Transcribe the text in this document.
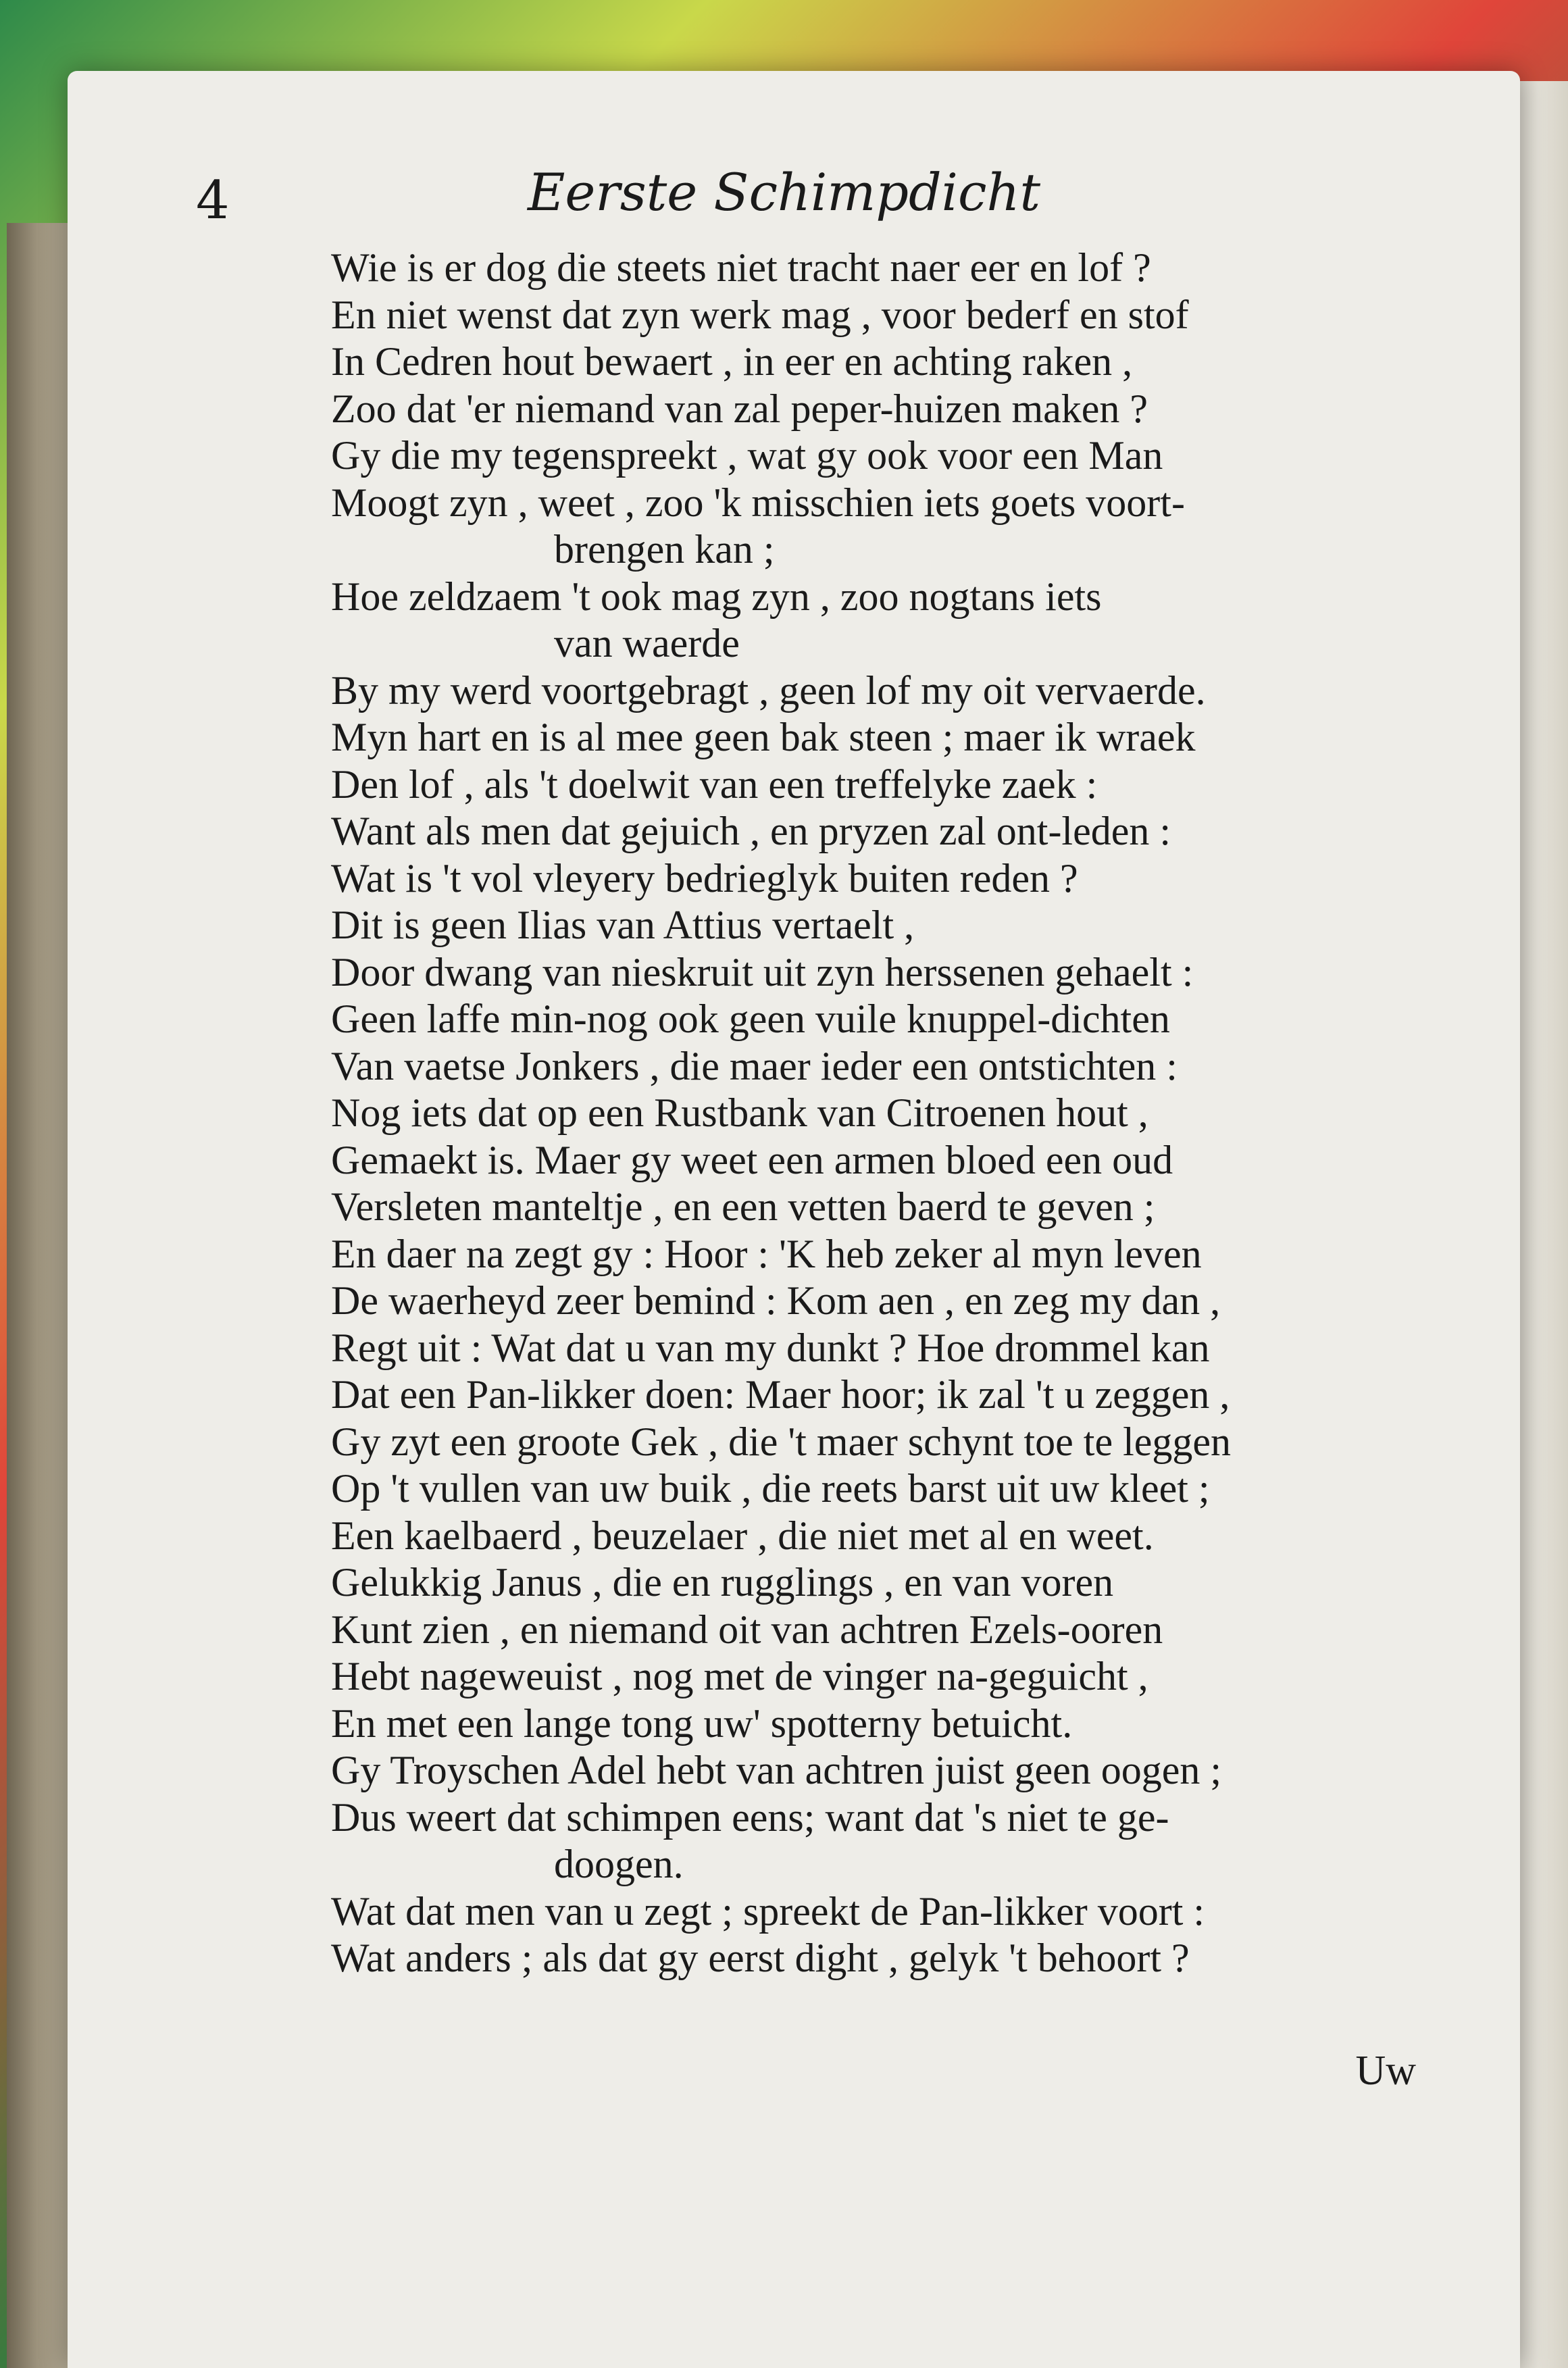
4	Eerste Schimpdicht
Wie is er dog die steets niet tracht naer eer en lof ?
En niet wenst dat zyn werk mag , voor bederf en stof
In Cedren hout bewaert , in eer en achting raken ,
Zoo dat 'er niemand van zal peper-huizen maken ?
Gy die my tegenspreekt , wat gy ook voor een Man
Moogt zyn , weet , zoo 'k misschien iets goets voort-
brengen kan ;
Hoe zeldzaem 't ook mag zyn , zoo nogtans iets
van waerde
By my werd voortgebragt , geen lof my oit vervaerde.
Myn hart en is al mee geen bak steen ; maer ik wraek
Den lof , als 't doelwit van een treffelyke zaek :
Want als men dat gejuich , en pryzen zal ont-leden :
Wat is 't vol vleyery bedrieglyk buiten reden ?
Dit is geen Ilias van Attius vertaelt ,
Door dwang van nieskruit uit zyn herssenen gehaelt :
Geen laffe min-nog ook geen vuile knuppel-dichten
Van vaetse Jonkers , die maer ieder een ontstichten :
Nog iets dat op een Rustbank van Citroenen hout ,
Gemaekt is. Maer gy weet een armen bloed een oud
Versleten manteltje , en een vetten baerd te geven ;
En daer na zegt gy : Hoor : 'K heb zeker al myn leven
De waerheyd zeer bemind : Kom aen , en zeg my dan ,
Regt uit : Wat dat u van my dunkt ? Hoe drommel kan
Dat een Pan-likker doen: Maer hoor; ik zal 't u zeggen ,
Gy zyt een groote Gek , die 't maer schynt toe te leggen
Op 't vullen van uw buik , die reets barst uit uw kleet ;
Een kaelbaerd , beuzelaer , die niet met al en weet.
Gelukkig Janus , die en rugglings , en van voren
Kunt zien , en niemand oit van achtren Ezels-ooren
Hebt nageweuist , nog met de vinger na-geguicht ,
En met een lange tong uw' spotterny betuicht.
Gy Troyschen Adel hebt van achtren juist geen oogen ;
Dus weert dat schimpen eens; want dat 's niet te ge-
doogen.
Wat dat men van u zegt ; spreekt de Pan-likker voort :
Wat anders ; als dat gy eerst dight , gelyk 't behoort ?
Uw
